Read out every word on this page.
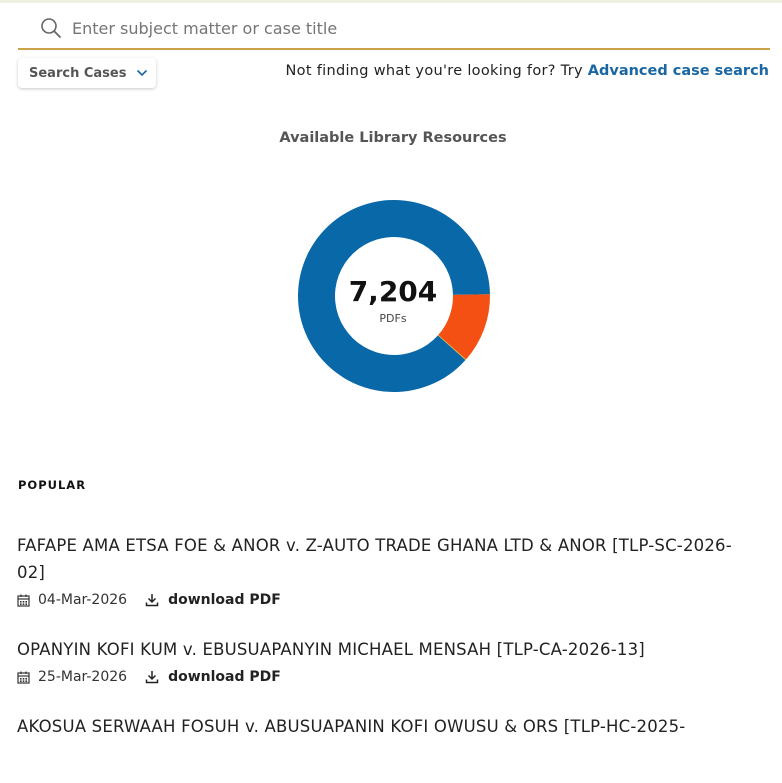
Enter subject matter or case title
Search Cases	Not finding what you're looking for? Try Advanced case search
Available Library Resources
7,204
PDFs
POPULAR
FAFAPE AMA ETSA FOE & ANOR v. Z-AUTO TRADE GHANA LTD & ANOR [TLP-SC-2026-02]
04-Mar-2026	download PDF
OPANYIN KOFI KUM v. EBUSUAPANYIN MICHAEL MENSAH [TLP-CA-2026-13]
25-Mar-2026	download PDF
AKOSUA SERWAAH FOSUH v. ABUSUAPANIN KOFI OWUSU & ORS [TLP-HC-2025-
